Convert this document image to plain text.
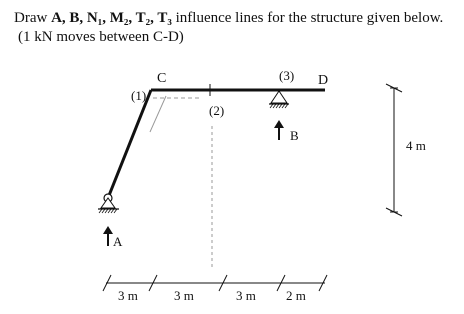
Draw A, B, N₁, M₂, T₂, T₃ influence lines for the structure given below.
(1 kN moves between C-D)
C	D
A
B
(1)
(2)
(3)
4 m
3 m	3 m	3 m 2 m
